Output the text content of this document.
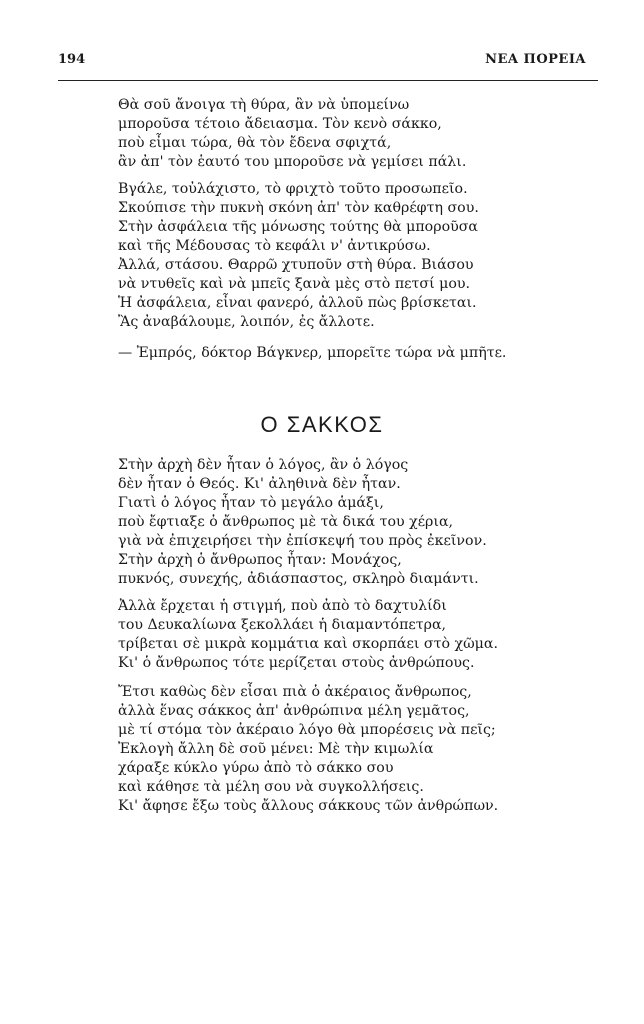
194	ΝΕΑ ΠΟΡΕΙΑ
Θὰ σοῦ ἄνοιγα τὴ θύρα, ἂν νὰ ὑπομείνω
μποροῦσα τέτοιο ἄδειασμα. Τὸν κενὸ σάκκο,
ποὺ εἶμαι τώρα, θὰ τὸν ἔδενα σφιχτά,
ἂν ἀπ' τὸν ἑαυτό του μποροῦσε νὰ γεμίσει πάλι.
Βγάλε, τοὐλάχιστο, τὸ φριχτὸ τοῦτο προσωπεῖο.
Σκούπισε τὴν πυκνὴ σκόνη ἀπ' τὸν καθρέφτη σου.
Στὴν ἀσφάλεια τῆς μόνωσης τούτης θὰ μποροῦσα
καὶ τῆς Μέδουσας τὸ κεφάλι ν' ἀντικρύσω.
Ἀλλά, στάσου. Θαρρῶ χτυποῦν στὴ θύρα. Βιάσου
νὰ ντυθεῖς καὶ νὰ μπεῖς ξανὰ μὲς στὸ πετσί μου.
Ἡ ἀσφάλεια, εἶναι φανερό, ἀλλοῦ πὼς βρίσκεται.
Ἂς ἀναβάλουμε, λοιπόν, ἐς ἄλλοτε.
— Ἐμπρός, δόκτορ Βάγκνερ, μπορεῖτε τώρα νὰ μπῆτε.
Ο ΣΑΚΚΟΣ
Στὴν ἀρχὴ δὲν ἦταν ὁ λόγος, ἂν ὁ λόγος
δὲν ἦταν ὁ Θεός. Κι' ἀληθινὰ δὲν ἦταν.
Γιατὶ ὁ λόγος ἦταν τὸ μεγάλο ἁμάξι,
ποὺ ἔφτιαξε ὁ ἄνθρωπος μὲ τὰ δικά του χέρια,
γιὰ νὰ ἐπιχειρήσει τὴν ἐπίσκεψή του πρὸς ἐκεῖνον.
Στὴν ἀρχὴ ὁ ἄνθρωπος ἦταν: Μονάχος,
πυκνός, συνεχής, ἀδιάσπαστος, σκληρὸ διαμάντι.
Ἀλλὰ ἔρχεται ἡ στιγμή, ποὺ ἀπὸ τὸ δαχτυλίδι
του Δευκαλίωνα ξεκολλάει ἡ διαμαντόπετρα,
τρίβεται σὲ μικρὰ κομμάτια καὶ σκορπάει στὸ χῶμα.
Κι' ὁ ἄνθρωπος τότε μερίζεται στοὺς ἀνθρώπους.
Ἔτσι καθὼς δὲν εἶσαι πιὰ ὁ ἀκέραιος ἄνθρωπος,
ἀλλὰ ἕνας σάκκος ἀπ' ἀνθρώπινα μέλη γεμᾶτος,
μὲ τί στόμα τὸν ἀκέραιο λόγο θὰ μπορέσεις νὰ πεῖς;
Ἐκλογὴ ἄλλη δὲ σοῦ μένει: Μὲ τὴν κιμωλία
χάραξε κύκλο γύρω ἀπὸ τὸ σάκκο σου
καὶ κάθησε τὰ μέλη σου νὰ συγκολλήσεις.
Κι' ἄφησε ἔξω τοὺς ἄλλους σάκκους τῶν ἀνθρώπων.
